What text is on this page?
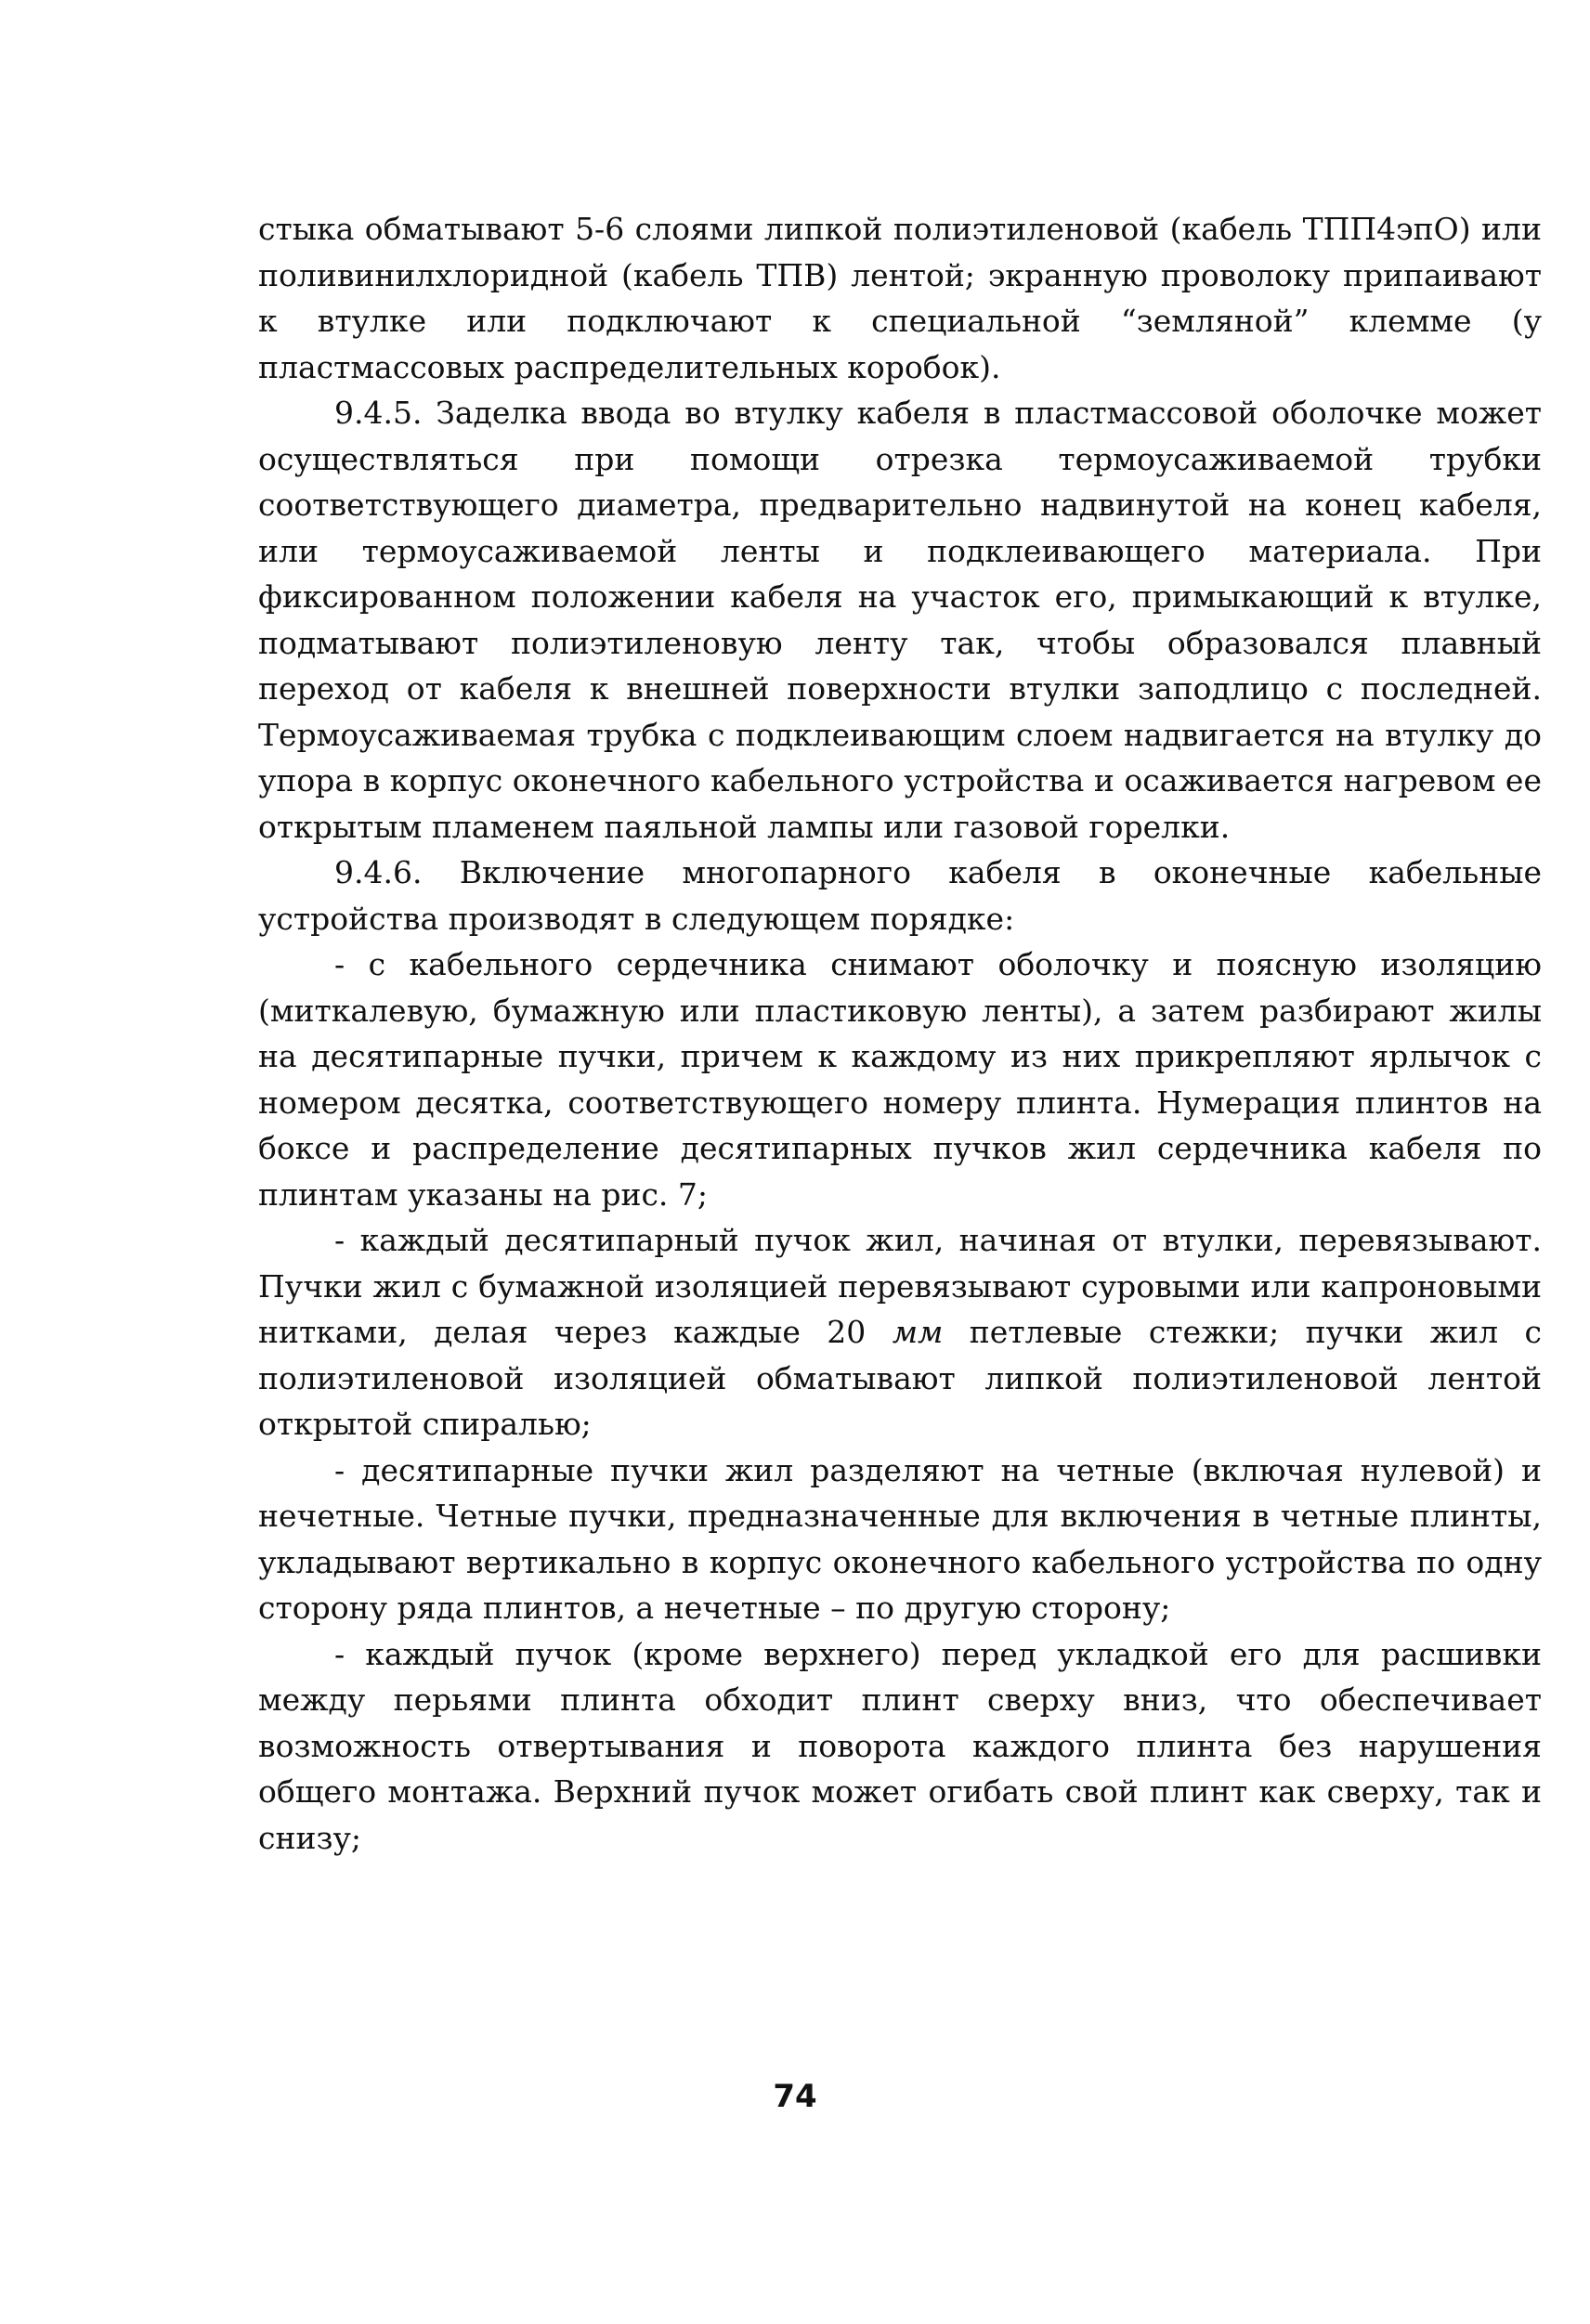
стыка обматывают 5-6 слоями липкой полиэтиленовой (кабель ТПП4эпО) или поливинилхлоридной (кабель ТПВ) лентой; экранную проволоку припаивают к втулке или подключают к специальной “земляной” клемме (у пластмассовых распределительных коробок).

9.4.5. Заделка ввода во втулку кабеля в пластмассовой оболочке может осуществляться при помощи отрезка термоусаживаемой трубки соответствующего диаметра, предварительно надвинутой на конец кабеля, или термоусаживаемой ленты и подклеивающего материала. При фиксированном положении кабеля на участок его, примыкающий к втулке, подматывают полиэтиленовую ленту так, чтобы образовался плавный переход от кабеля к внешней поверхности втулки заподлицо с последней. Термоусаживаемая трубка с подклеивающим слоем надвигается на втулку до упора в корпус оконечного кабельного устройства и осаживается нагревом ее открытым пламенем паяльной лампы или газовой горелки.

9.4.6. Включение многопарного кабеля в оконечные кабельные устройства производят в следующем порядке:

- с кабельного сердечника снимают оболочку и поясную изоляцию (миткалевую, бумажную или пластиковую ленты), а затем разбирают жилы на десятипарные пучки, причем к каждому из них прикрепляют ярлычок с номером десятка, соответствующего номеру плинта. Нумерация плинтов на боксе и распределение десятипарных пучков жил сердечника кабеля по плинтам указаны на рис. 7;

- каждый десятипарный пучок жил, начиная от втулки, перевязывают. Пучки жил с бумажной изоляцией перевязывают суровыми или капроновыми нитками, делая через каждые 20 мм петлевые стежки; пучки жил с полиэтиленовой изоляцией обматывают липкой полиэтиленовой лентой открытой спиралью;

- десятипарные пучки жил разделяют на четные (включая нулевой) и нечетные. Четные пучки, предназначенные для включения в четные плинты, укладывают вертикально в корпус оконечного кабельного устройства по одну сторону ряда плинтов, а нечетные – по другую сторону;

- каждый пучок (кроме верхнего) перед укладкой его для расшивки между перьями плинта обходит плинт сверху вниз, что обеспечивает возможность отвертывания и поворота каждого плинта без нарушения общего монтажа. Верхний пучок может огибать свой плинт как сверху, так и снизу;

74
